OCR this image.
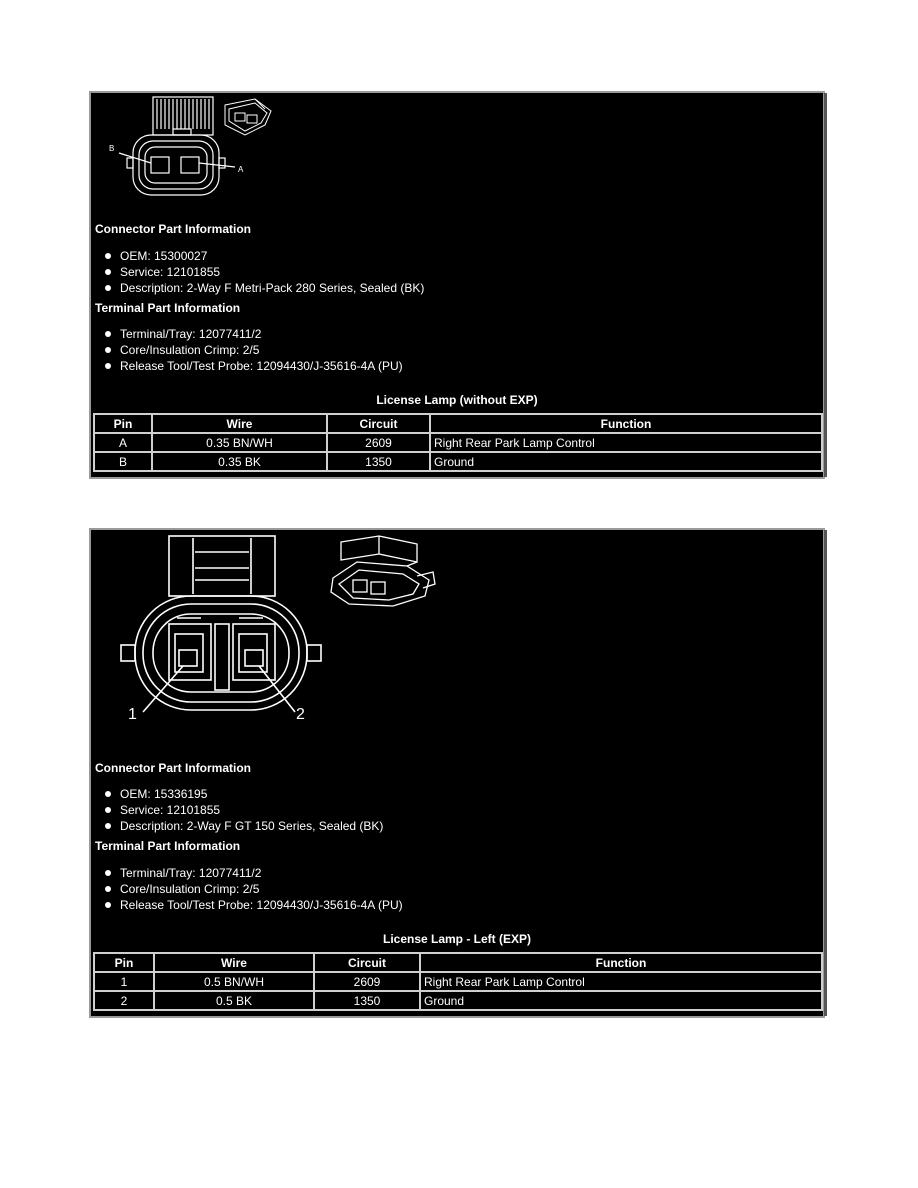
B
A
Connector Part Information
OEM: 15300027
Service: 12101855
Description: 2-Way F Metri-Pack 280 Series, Sealed (BK)
Terminal Part Information
Terminal/Tray: 12077411/2
Core/Insulation Crimp: 2/5
Release Tool/Test Probe: 12094430/J-35616-4A (PU)
License Lamp (without EXP)
Pin	Wire	Circuit	Function
A	0.35 BN/WH	2609	Right Rear Park Lamp Control
B	0.35 BK	1350	Ground
1	2
Connector Part Information
OEM: 15336195
Service: 12101855
Description: 2-Way F GT 150 Series, Sealed (BK)
Terminal Part Information
Terminal/Tray: 12077411/2
Core/Insulation Crimp: 2/5
Release Tool/Test Probe: 12094430/J-35616-4A (PU)
License Lamp - Left (EXP)
Pin	Wire	Circuit	Function
1	0.5 BN/WH	2609	Right Rear Park Lamp Control
2	0.5 BK	1350	Ground
